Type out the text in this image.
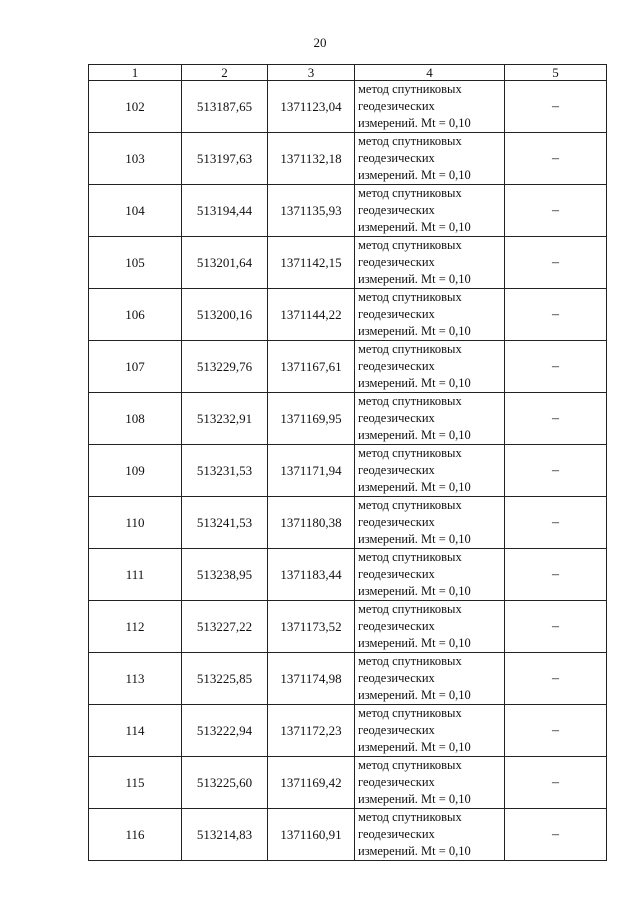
20
1	2	3	4	5
102	513187,65	1371123,04	метод спутниковых
геодезических
измерений. Mt = 0,10	–
103	513197,63	1371132,18	метод спутниковых
геодезических
измерений. Mt = 0,10	–
104	513194,44	1371135,93	метод спутниковых
геодезических
измерений. Mt = 0,10	–
105	513201,64	1371142,15	метод спутниковых
геодезических
измерений. Mt = 0,10	–
106	513200,16	1371144,22	метод спутниковых
геодезических
измерений. Mt = 0,10	–
107	513229,76	1371167,61	метод спутниковых
геодезических
измерений. Mt = 0,10	–
108	513232,91	1371169,95	метод спутниковых
геодезических
измерений. Mt = 0,10	–
109	513231,53	1371171,94	метод спутниковых
геодезических
измерений. Mt = 0,10	–
110	513241,53	1371180,38	метод спутниковых
геодезических
измерений. Mt = 0,10	–
111	513238,95	1371183,44	метод спутниковых
геодезических
измерений. Mt = 0,10	–
112	513227,22	1371173,52	метод спутниковых
геодезических
измерений. Mt = 0,10	–
113	513225,85	1371174,98	метод спутниковых
геодезических
измерений. Mt = 0,10	–
114	513222,94	1371172,23	метод спутниковых
геодезических
измерений. Mt = 0,10	–
115	513225,60	1371169,42	метод спутниковых
геодезических
измерений. Mt = 0,10	–
116	513214,83	1371160,91	метод спутниковых
геодезических
измерений. Mt = 0,10	–
